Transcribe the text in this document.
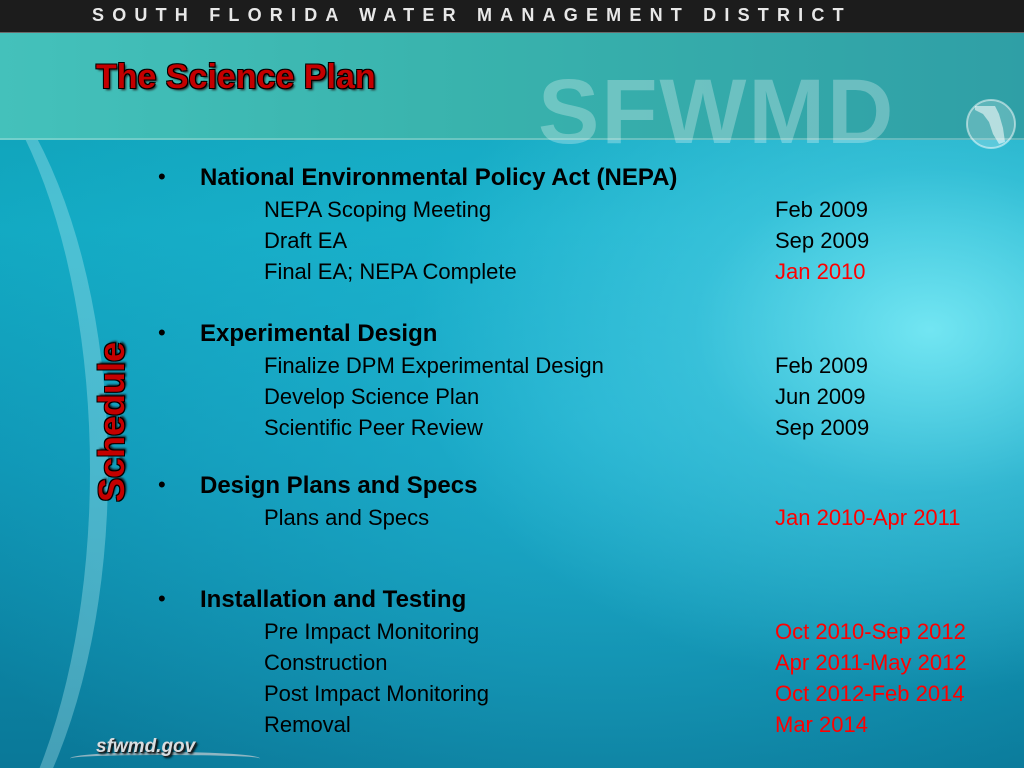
SFWMD
SOUTH FLORIDA WATER MANAGEMENT DISTRICT
The Science Plan
Schedule
• National Environmental Policy Act (NEPA)
NEPA Scoping Meeting	Feb 2009
Draft EA	Sep 2009
Final EA; NEPA Complete	Jan 2010
• Experimental Design
Finalize DPM Experimental Design	Feb 2009
Develop Science Plan	Jun 2009
Scientific Peer Review	Sep 2009
• Design Plans and Specs
Plans and Specs	Jan 2010-Apr 2011
• Installation and Testing
Pre Impact Monitoring	Oct 2010-Sep 2012
Construction	Apr 2011-May 2012
Post Impact Monitoring	Oct 2012-Feb 2014
Removal	Mar 2014
sfwmd.gov
